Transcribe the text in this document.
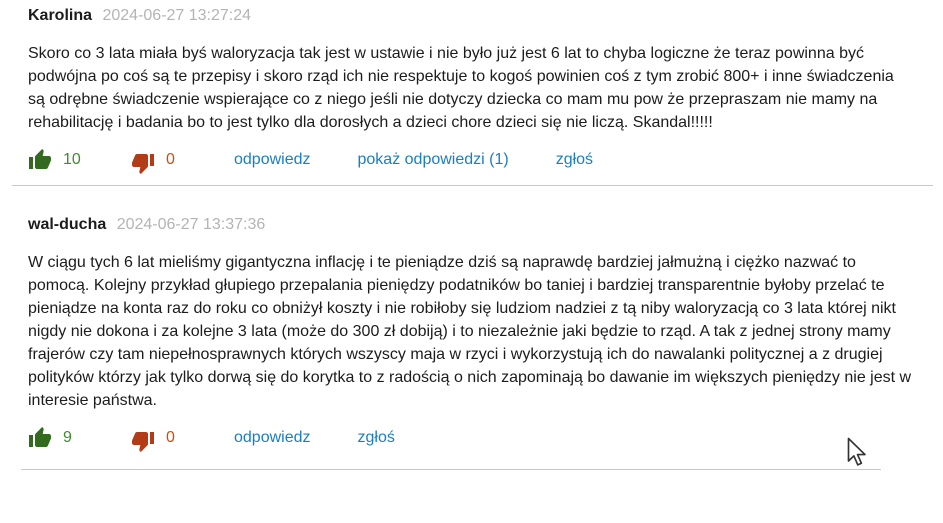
Karolina 2024-06-27 13:27:24

Skoro co 3 lata miała byś waloryzacja tak jest w ustawie i nie było już jest 6 lat to chyba logiczne że teraz powinna być podwójna po coś są te przepisy i skoro rząd ich nie respektuje to kogoś powinien coś z tym zrobić 800+ i inne świadczenia są odrębne świadczenie wspierające co z niego jeśli nie dotyczy dziecka co mam mu pow że przepraszam nie mamy na rehabilitację i badania bo to jest tylko dla dorosłych a dzieci chore dzieci się nie liczą. Skandal!!!!!

10	0	odpowiedz	pokaż odpowiedzi (1)	zgłoś
wal-ducha 2024-06-27 13:37:36

W ciągu tych 6 lat mieliśmy gigantyczna inflację i te pieniądze dziś są naprawdę bardziej jałmużną i ciężko nazwać to pomocą. Kolejny przykład głupiego przepalania pieniędzy podatników bo taniej i bardziej transparentnie byłoby przelać te pieniądze na konta raz do roku co obniżył koszty i nie robiłoby się ludziom nadziei z tą niby waloryzacją co 3 lata której nikt nigdy nie dokona i za kolejne 3 lata (może do 300 zł dobiją) i to niezależnie jaki będzie to rząd. A tak z jednej strony mamy frajerów czy tam niepełnosprawnych których wszyscy maja w rzyci i wykorzystują ich do nawalanki politycznej a z drugiej polityków którzy jak tylko dorwą się do korytka to z radością o nich zapominają bo dawanie im większych pieniędzy nie jest w interesie państwa.

9	0	odpowiedz	zgłoś
